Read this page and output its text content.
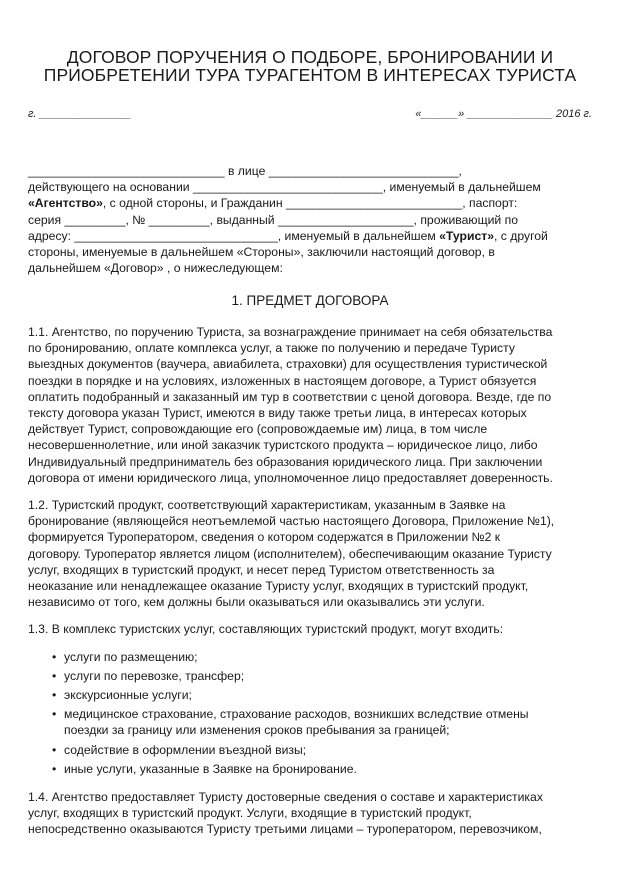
ДОГОВОР ПОРУЧЕНИЯ О ПОДБОРЕ, БРОНИРОВАНИИ И
ПРИОБРЕТЕНИИ ТУРА ТУРАГЕНТОМ В ИНТЕРЕСАХ ТУРИСТА
г. _______________	«______» ______________ 2016 г.
_____________________________ в лице ____________________________,
действующего на основании ____________________________, именуемый в дальнейшем
«Агентство», с одной стороны, и Гражданин __________________________, паспорт:
серия _________, № _________, выданный ____________________, проживающий по
адресу: ______________________________, именуемый в дальнейшем «Турист», с другой
стороны, именуемые в дальнейшем «Стороны», заключили настоящий договор, в
дальнейшем «Договор» , о нижеследующем:
1. ПРЕДМЕТ ДОГОВОРА
1.1. Агентство, по поручению Туриста, за вознаграждение принимает на себя обязательства
по бронированию, оплате комплекса услуг, а также по получению и передаче Туристу
выездных документов (ваучера, авиабилета, страховки) для осуществления туристической
поездки в порядке и на условиях, изложенных в настоящем договоре, а Турист обязуется
оплатить подобранный и заказанный им тур в соответствии с ценой договора. Везде, где по
тексту договора указан Турист, имеются в виду также третьи лица, в интересах которых
действует Турист, сопровождающие его (сопровождаемые им) лица, в том числе
несовершеннолетние, или иной заказчик туристского продукта – юридическое лицо, либо
Индивидуальный предприниматель без образования юридического лица. При заключении
договора от имени юридического лица, уполномоченное лицо предоставляет доверенность.
1.2. Туристский продукт, соответствующий характеристикам, указанным в Заявке на
бронирование (являющейся неотъемлемой частью настоящего Договора, Приложение №1),
формируется Туроператором, сведения о котором содержатся в Приложении №2 к
договору. Туроператор является лицом (исполнителем), обеспечивающим оказание Туристу
услуг, входящих в туристский продукт, и несет перед Туристом ответственность за
неоказание или ненадлежащее оказание Туристу услуг, входящих в туристский продукт,
независимо от того, кем должны были оказываться или оказывались эти услуги.
1.3. В комплекс туристских услуг, составляющих туристский продукт, могут входить:
• услуги по размещению;
• услуги по перевозке, трансфер;
• экскурсионные услуги;
• медицинское страхование, страхование расходов, возникших вследствие отмены
поездки за границу или изменения сроков пребывания за границей;
• содействие в оформлении въездной визы;
• иные услуги, указанные в Заявке на бронирование.
1.4. Агентство предоставляет Туристу достоверные сведения о составе и характеристиках
услуг, входящих в туристский продукт. Услуги, входящие в туристский продукт,
непосредственно оказываются Туристу третьими лицами – туроператором, перевозчиком,
